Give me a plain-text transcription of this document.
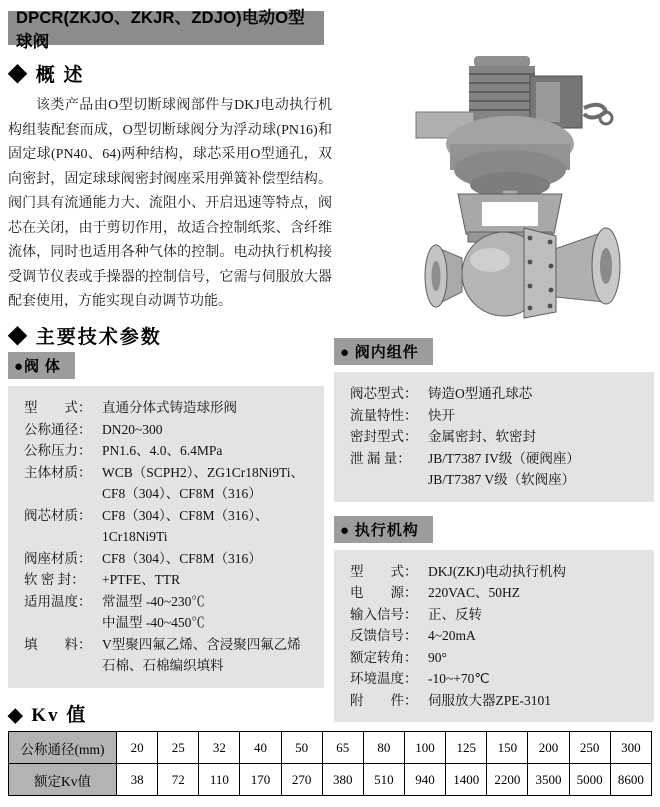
DPCR(ZKJO、ZKJR、ZDJO)电动O型球阀
◆ 概 述

该类产品由O型切断球阀部件与DKJ电动执行机构组装配套而成，O型切断球阀分为浮动球(PN16)和固定球(PN40、64)两种结构，球芯采用O型通孔，双向密封，固定球球阀密封阀座采用弹簧补偿型结构。阀门具有流通能力大、流阻小、开启迅速等特点，阀芯在关闭，由于剪切作用，故适合控制纸浆、含纤维流体，同时也适用各种气体的控制。电动执行机构接受调节仪表或手操器的控制信号，它需与伺服放大器配套使用，方能实现自动调节功能。

◆ 主要技术参数
●阀 体
型　　式： 直通分体式铸造球形阀
公称通径： DN20~300
公称压力： PN1.6、4.0、6.4MPa
主体材质： WCB（SCPH2）、ZG1Cr18Ni9Ti、CF8（304）、CF8M（316）
阀芯材质： CF8（304）、CF8M（316）、1Cr18Ni9Ti
阀座材质： CF8（304）、CF8M（316）
软 密 封：	+PTFE、TTR
适用温度： 常温型 -40~230℃
中温型 -40~450℃
填　　料： V型聚四氟乙烯、含浸聚四氟乙烯石棉、石棉编织填料
● 阀内组件
阀芯型式： 铸造O型通孔球芯
流量特性： 快开
密封型式： 金属密封、软密封
泄 漏 量：	JB/T7387 IV级（硬阀座）
JB/T7387 V级（软阀座）
● 执行机构
型　　式： DKJ(ZKJ)电动执行机构
电　　源： 220VAC、50HZ
输入信号： 正、反转
反馈信号： 4~20mA
额定转角： 90°
环境温度： -10~+70℃
附　　件： 伺服放大器ZPE-3101
◆ Kv 值
公称通径(mm)	20	25	32	40	50	65	80	100	125	150	200	250	300
额定Kv值	38	72	110	170	270	380	510	940	1400	2200	3500	5000	8600
